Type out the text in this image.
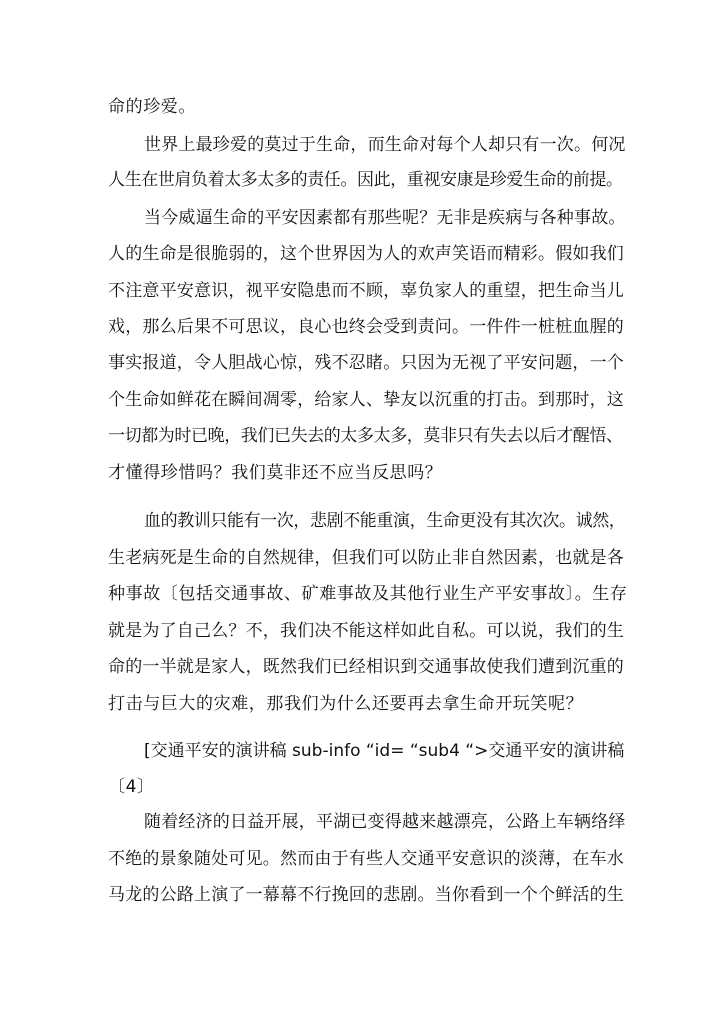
命的珍爱。
世界上最珍爱的莫过于生命，而生命对每个人却只有一次。何况
人生在世肩负着太多太多的责任。因此，重视安康是珍爱生命的前提。
当今威逼生命的平安因素都有那些呢？无非是疾病与各种事故。
人的生命是很脆弱的，这个世界因为人的欢声笑语而精彩。假如我们
不注意平安意识，视平安隐患而不顾，辜负家人的重望，把生命当儿
戏，那么后果不可思议，良心也终会受到责问。一件件一桩桩血腥的
事实报道，令人胆战心惊，残不忍睹。只因为无视了平安问题，一个
个生命如鲜花在瞬间凋零，给家人、挚友以沉重的打击。到那时，这
一切都为时已晚，我们已失去的太多太多，莫非只有失去以后才醒悟、
才懂得珍惜吗？我们莫非还不应当反思吗？
血的教训只能有一次，悲剧不能重演，生命更没有其次次。诚然，
生老病死是生命的自然规律，但我们可以防止非自然因素，也就是各
种事故〔包括交通事故、矿难事故及其他行业生产平安事故〕。生存
就是为了自己么？不，我们决不能这样如此自私。可以说，我们的生
命的一半就是家人，既然我们已经相识到交通事故使我们遭到沉重的
打击与巨大的灾难，那我们为什么还要再去拿生命开玩笑呢？
[交通平安的演讲稿 sub-info “id= “sub4 “>交通平安的演讲稿
〔4〕
随着经济的日益开展，平湖已变得越来越漂亮，公路上车辆络绎
不绝的景象随处可见。然而由于有些人交通平安意识的淡薄，在车水
马龙的公路上演了一幕幕不行挽回的悲剧。当你看到一个个鲜活的生
